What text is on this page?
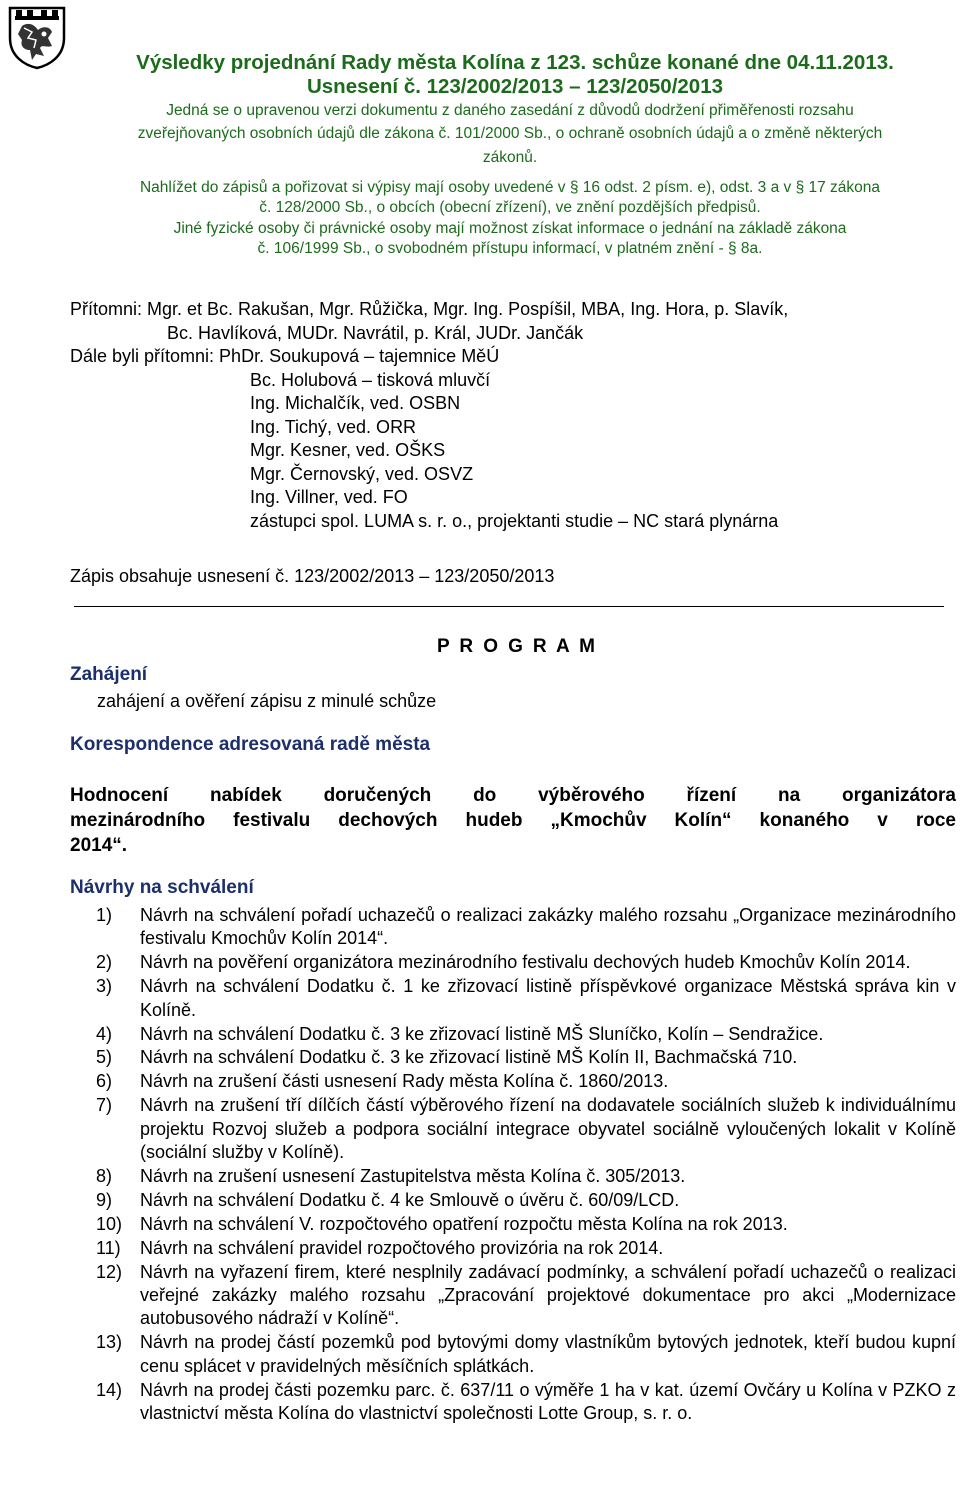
Výsledky projednání Rady města Kolína z 123. schůze konané dne 04.11.2013.
Usnesení č. 123/2002/2013 – 123/2050/2013
Jedná se o upravenou verzi dokumentu z daného zasedání z důvodů dodržení přiměřenosti rozsahu
zveřejňovaných osobních údajů dle zákona č. 101/2000 Sb., o ochraně osobních údajů a o změně některých
zákonů.
Nahlížet do zápisů a pořizovat si výpisy mají osoby uvedené v § 16 odst. 2 písm. e), odst. 3 a v § 17 zákona
č. 128/2000 Sb., o obcích (obecní zřízení), ve znění pozdějších předpisů.
Jiné fyzické osoby či právnické osoby mají možnost získat informace o jednání na základě zákona
č. 106/1999 Sb., o svobodném přístupu informací, v platném znění - § 8a.
Přítomni: Mgr. et Bc. Rakušan, Mgr. Růžička, Mgr. Ing. Pospíšil, MBA, Ing. Hora, p. Slavík,
Bc. Havlíková, MUDr. Navrátil, p. Král, JUDr. Jančák
Dále byli přítomni: PhDr. Soukupová – tajemnice MěÚ
Bc. Holubová – tisková mluvčí
Ing. Michalčík, ved. OSBN
Ing. Tichý, ved. ORR
Mgr. Kesner, ved. OŠKS
Mgr. Černovský, ved. OSVZ
Ing. Villner, ved. FO
zástupci spol. LUMA s. r. o., projektanti studie – NC stará plynárna
Zápis obsahuje usnesení č. 123/2002/2013 – 123/2050/2013
P R O G R A M
Zahájení
zahájení a ověření zápisu z minulé schůze
Korespondence adresovaná radě města
Hodnocení nabídek doručených do výběrového řízení na organizátora
mezinárodního festivalu dechových hudeb „Kmochův Kolín“ konaného v roce
2014“.
Návrhy na schválení
1)	Návrh na schválení pořadí uchazečů o realizaci zakázky malého rozsahu „Organizace mezinárodního festivalu Kmochův Kolín 2014“.
2)	Návrh na pověření organizátora mezinárodního festivalu dechových hudeb Kmochův Kolín 2014.
3)	Návrh na schválení Dodatku č. 1 ke zřizovací listině příspěvkové organizace Městská správa kin v Kolíně.
4)	Návrh na schválení Dodatku č. 3 ke zřizovací listině MŠ Sluníčko, Kolín – Sendražice.
5)	Návrh na schválení Dodatku č. 3 ke zřizovací listině MŠ Kolín II, Bachmačská 710.
6)	Návrh na zrušení části usnesení Rady města Kolína č. 1860/2013.
7)	Návrh na zrušení tří dílčích částí výběrového řízení na dodavatele sociálních služeb k individuálnímu projektu Rozvoj služeb a podpora sociální integrace obyvatel sociálně vyloučených lokalit v Kolíně (sociální služby v Kolíně).
8)	Návrh na zrušení usnesení Zastupitelstva města Kolína č. 305/2013.
9)	Návrh na schválení Dodatku č. 4 ke Smlouvě o úvěru č. 60/09/LCD.
10) Návrh na schválení V. rozpočtového opatření rozpočtu města Kolína na rok 2013.
11)	Návrh na schválení pravidel rozpočtového provizória na rok 2014.
12) Návrh na vyřazení firem, které nesplnily zadávací podmínky, a schválení pořadí uchazečů o realizaci veřejné zakázky malého rozsahu „Zpracování projektové dokumentace pro akci „Modernizace autobusového nádraží v Kolíně“.
13) Návrh na prodej částí pozemků pod bytovými domy vlastníkům bytových jednotek, kteří budou kupní cenu splácet v pravidelných měsíčních splátkách.
14) Návrh na prodej části pozemku parc. č. 637/11 o výměře 1 ha v kat. území Ovčáry u Kolína v PZKO z vlastnictví města Kolína do vlastnictví společnosti Lotte Group, s. r. o.
